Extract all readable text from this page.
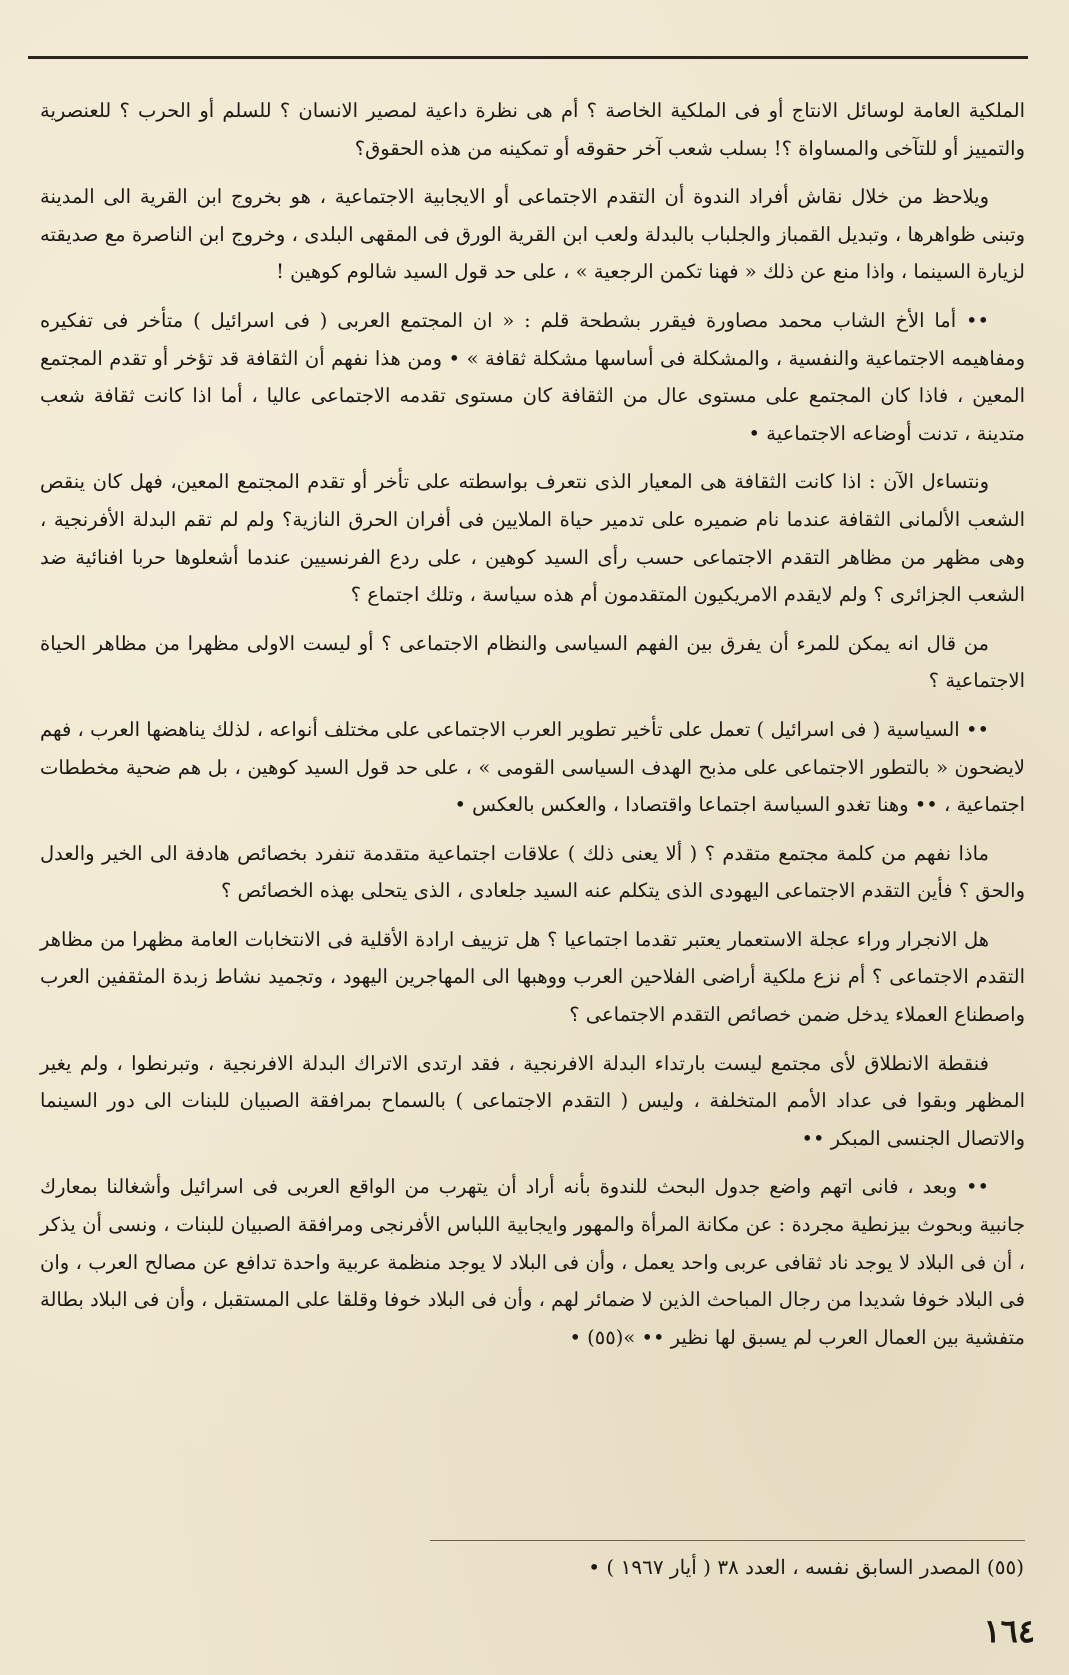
الملكية العامة لوسائل الانتاج أو فى الملكية الخاصة ؟ أم هى نظرة داعية لمصير الانسان ؟ للسلم أو الحرب ؟ للعنصرية والتمييز أو للتآخى والمساواة ؟! بسلب شعب آخر حقوقه أو تمكينه من هذه الحقوق؟

ويلاحظ من خلال نقاش أفراد الندوة أن التقدم الاجتماعى أو الايجابية الاجتماعية ، هو بخروج ابن القرية الى المدينة وتبنى ظواهرها ، وتبديل القمباز والجلباب بالبدلة ولعب ابن القرية الورق فى المقهى البلدى ، وخروج ابن الناصرة مع صديقته لزيارة السينما ، واذا منع عن ذلك « فهنا تكمن الرجعية » ، على حد قول السيد شالوم كوهين !

•• أما الأخ الشاب محمد مصاورة فيقرر بشطحة قلم : « ان المجتمع العربى ( فى اسرائيل ) متأخر فى تفكيره ومفاهيمه الاجتماعية والنفسية ، والمشكلة فى أساسها مشكلة ثقافة » • ومن هذا نفهم أن الثقافة قد تؤخر أو تقدم المجتمع المعين ، فاذا كان المجتمع على مستوى عال من الثقافة كان مستوى تقدمه الاجتماعى عاليا ، أما اذا كانت ثقافة شعب متدينة ، تدنت أوضاعه الاجتماعية •

ونتساءل الآن : اذا كانت الثقافة هى المعيار الذى نتعرف بواسطته على تأخر أو تقدم المجتمع المعين، فهل كان ينقص الشعب الألمانى الثقافة عندما نام ضميره على تدمير حياة الملايين فى أفران الحرق النازية؟ ولم لم تقم البدلة الأفرنجية ، وهى مظهر من مظاهر التقدم الاجتماعى حسب رأى السيد كوهين ، على ردع الفرنسيين عندما أشعلوها حربا افنائية ضد الشعب الجزائرى ؟ ولم لايقدم الامريكيون المتقدمون أم هذه سياسة ، وتلك اجتماع ؟

من قال انه يمكن للمرء أن يفرق بين الفهم السياسى والنظام الاجتماعى ؟ أو ليست الاولى مظهرا من مظاهر الحياة الاجتماعية ؟

•• السياسية ( فى اسرائيل ) تعمل على تأخير تطوير العرب الاجتماعى على مختلف أنواعه ، لذلك يناهضها العرب ، فهم لايضحون « بالتطور الاجتماعى على مذبح الهدف السياسى القومى » ، على حد قول السيد كوهين ، بل هم ضحية مخططات اجتماعية ، •• وهنا تغدو السياسة اجتماعا واقتصادا ، والعكس بالعكس •

ماذا نفهم من كلمة مجتمع متقدم ؟ ( ألا يعنى ذلك ) علاقات اجتماعية متقدمة تنفرد بخصائص هادفة الى الخير والعدل والحق ؟ فأين التقدم الاجتماعى اليهودى الذى يتكلم عنه السيد جلعادى ، الذى يتحلى بهذه الخصائص ؟

هل الانجرار وراء عجلة الاستعمار يعتبر تقدما اجتماعيا ؟ هل تزييف ارادة الأقلية فى الانتخابات العامة مظهرا من مظاهر التقدم الاجتماعى ؟ أم نزع ملكية أراضى الفلاحين العرب ووهبها الى المهاجرين اليهود ، وتجميد نشاط زبدة المثقفين العرب واصطناع العملاء يدخل ضمن خصائص التقدم الاجتماعى ؟

فنقطة الانطلاق لأى مجتمع ليست بارتداء البدلة الافرنجية ، فقد ارتدى الاتراك البدلة الافرنجية ، وتبرنطوا ، ولم يغير المظهر وبقوا فى عداد الأمم المتخلفة ، وليس ( التقدم الاجتماعى ) بالسماح بمرافقة الصبيان للبنات الى دور السينما والاتصال الجنسى المبكر ••

•• وبعد ، فانى اتهم واضع جدول البحث للندوة بأنه أراد أن يتهرب من الواقع العربى فى اسرائيل وأشغالنا بمعارك جانبية وبحوث بيزنطية مجردة : عن مكانة المرأة والمهور وايجابية اللباس الأفرنجى ومرافقة الصبيان للبنات ، ونسى أن يذكر ، أن فى البلاد لا يوجد ناد ثقافى عربى واحد يعمل ، وأن فى البلاد لا يوجد منظمة عربية واحدة تدافع عن مصالح العرب ، وان فى البلاد خوفا شديدا من رجال المباحث الذين لا ضمائر لهم ، وأن فى البلاد خوفا وقلقا على المستقبل ، وأن فى البلاد بطالة متفشية بين العمال العرب لم يسبق لها نظير •• »(٥٥) •

(٥٥) المصدر السابق نفسه ، العدد ٣٨ ( أيار ١٩٦٧ ) •
١٦٤
